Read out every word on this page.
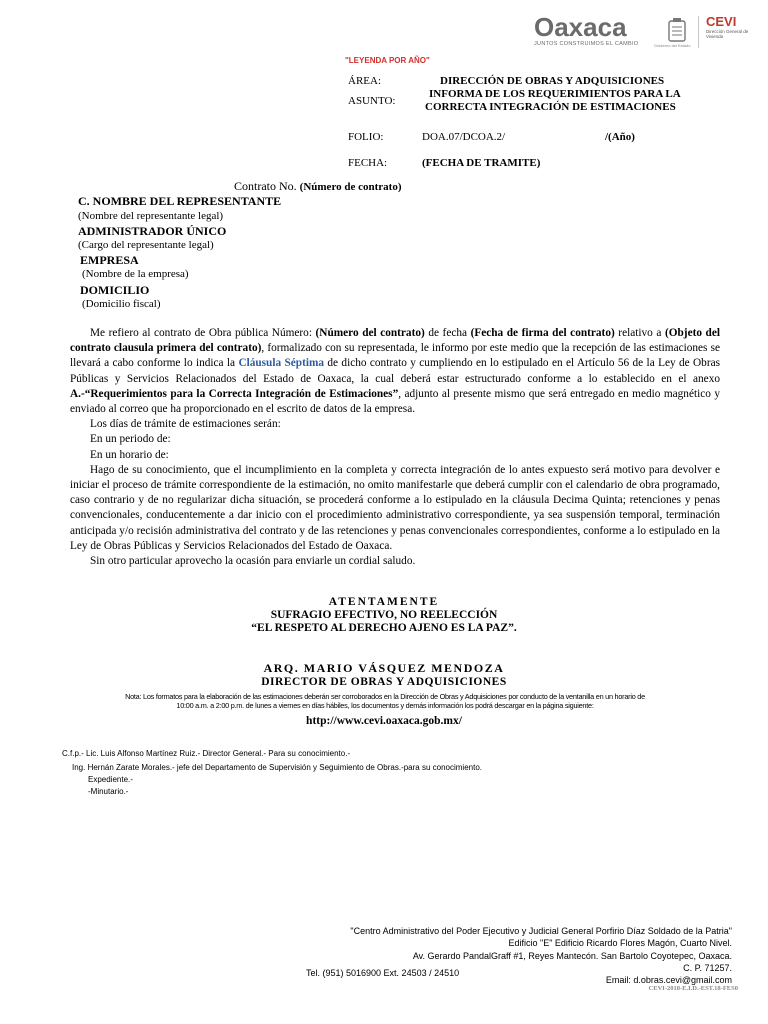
Oaxaca
JUNTOS CONSTRUIMOS EL CAMBIO	Gobierno del Estado
CEVI
Dirección General de Vivienda
"LEYENDA POR AÑO"
ÁREA:	DIRECCIÓN DE OBRAS Y ADQUISICIONES
ASUNTO:
INFORMA DE LOS REQUERIMIENTOS PARA LA
CORRECTA INTEGRACIÓN DE ESTIMACIONES
FOLIO:	DOA.07/DCOA.2/	/(Año)
FECHA:	(FECHA DE TRAMITE)
Contrato No. (Número de contrato)
C. NOMBRE DEL REPRESENTANTE
(Nombre del representante legal)
ADMINISTRADOR ÚNICO
(Cargo del representante legal)
EMPRESA
(Nombre de la empresa)
DOMICILIO
(Domicilio fiscal)

Me refiero al contrato de Obra pública Número: (Número del contrato) de fecha (Fecha de firma del contrato) relativo a (Objeto del contrato clausula primera del contrato), formalizado con su representada, le informo por este medio que la recepción de las estimaciones se llevará a cabo conforme lo indica la Cláusula Séptima de dicho contrato y cumpliendo en lo estipulado en el Artículo 56 de la Ley de Obras Públicas y Servicios Relacionados del Estado de Oaxaca, la cual deberá estar estructurado conforme a lo establecido en el anexo A.-“Requerimientos para la Correcta Integración de Estimaciones”, adjunto al presente mismo que será entregado en medio magnético y enviado al correo que ha proporcionado en el escrito de datos de la empresa.

Los días de trámite de estimaciones serán:

En un periodo de:

En un horario de:

Hago de su conocimiento, que el incumplimiento en la completa y correcta integración de lo antes expuesto será motivo para devolver e iniciar el proceso de trámite correspondiente de la estimación, no omito manifestarle que deberá cumplir con el calendario de obra programado, caso contrario y de no regularizar dicha situación, se procederá conforme a lo estipulado en la cláusula Decima Quinta; retenciones y penas convencionales, conducentemente a dar inicio con el procedimiento administrativo correspondiente, ya sea suspensión temporal, terminación anticipada y/o recisión administrativa del contrato y de las retenciones y penas convencionales correspondientes, conforme a lo estipulado en la Ley de Obras Públicas y Servicios Relacionados del Estado de Oaxaca.

Sin otro particular aprovecho la ocasión para enviarle un cordial saludo.

ATENTAMENTE
SUFRAGIO EFECTIVO, NO REELECCIÓN
“EL RESPETO AL DERECHO AJENO ES LA PAZ”.
ARQ. MARIO VÁSQUEZ MENDOZA
DIRECTOR DE OBRAS Y ADQUISICIONES
Nota: Los formatos para la elaboración de las estimaciones deberán ser corroborados en la Dirección de Obras y Adquisiciones por conducto de la ventanilla en un horario de
10:00 a.m. a 2:00 p.m. de lunes a viernes en días hábiles, los documentos y demás información los podrá descargar en la página siguiente:
http://www.cevi.oaxaca.gob.mx/
C.f.p.- Lic. Luis Alfonso Martínez Ruiz.- Director General.- Para su conocimiento.-
Ing. Hernán Zarate Morales.- jefe del Departamento de Supervisión y Seguimiento de Obras.-para su conocimiento.
Expediente.-
-Minutario.-
"Centro Administrativo del Poder Ejecutivo y Judicial General Porfirio Díaz Soldado de la Patria"
Edificio "E" Edificio Ricardo Flores Magón, Cuarto Nivel.
Av. Gerardo PandalGraff #1, Reyes Mantecón. San Bartolo Coyotepec, Oaxaca.
C. P. 71257.
Email: d.obras.cevi@gmail.com
Tel. (951) 5016900 Ext. 24503 / 24510
CEVI-2018-E.I.D.-EST.18-FES0
